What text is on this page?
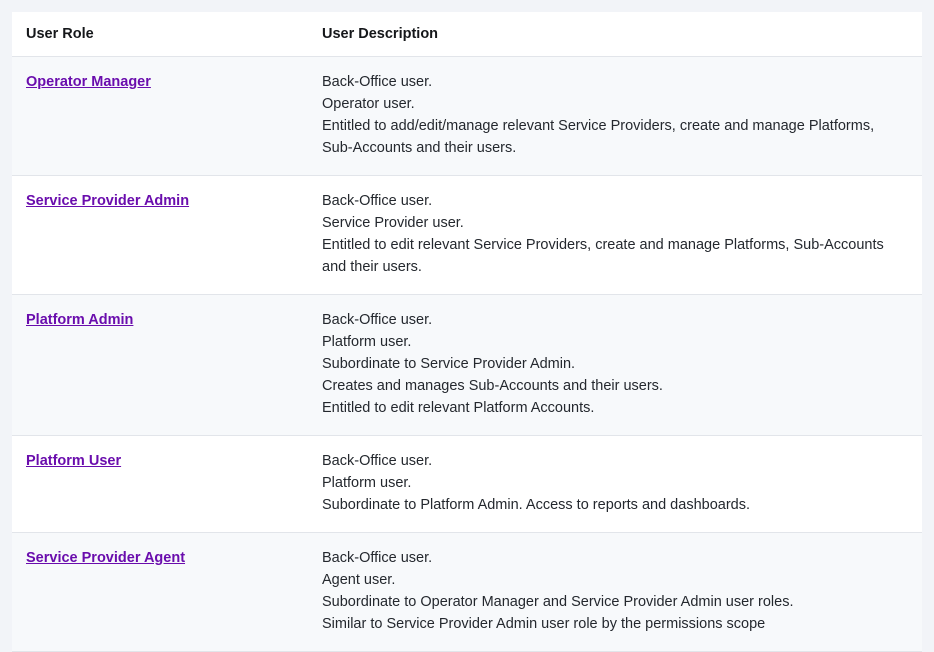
User Role	User Description
Operator Manager	Back-Office user.
Operator user.
Entitled to add/edit/manage relevant Service Providers, create and manage Platforms, Sub-Accounts and their users.

Service Provider Admin	Back-Office user.
Service Provider user.
Entitled to edit relevant Service Providers, create and manage Platforms, Sub-Accounts and their users.

Platform Admin	Back-Office user.
Platform user.
Subordinate to Service Provider Admin.
Creates and manages Sub-Accounts and their users.
Entitled to edit relevant Platform Accounts.

Platform User	Back-Office user.
Platform user.
Subordinate to Platform Admin. Access to reports and dashboards.

Service Provider Agent	Back-Office user.
Agent user.
Subordinate to Operator Manager and Service Provider Admin user roles.
Similar to Service Provider Admin user role by the permissions scope
